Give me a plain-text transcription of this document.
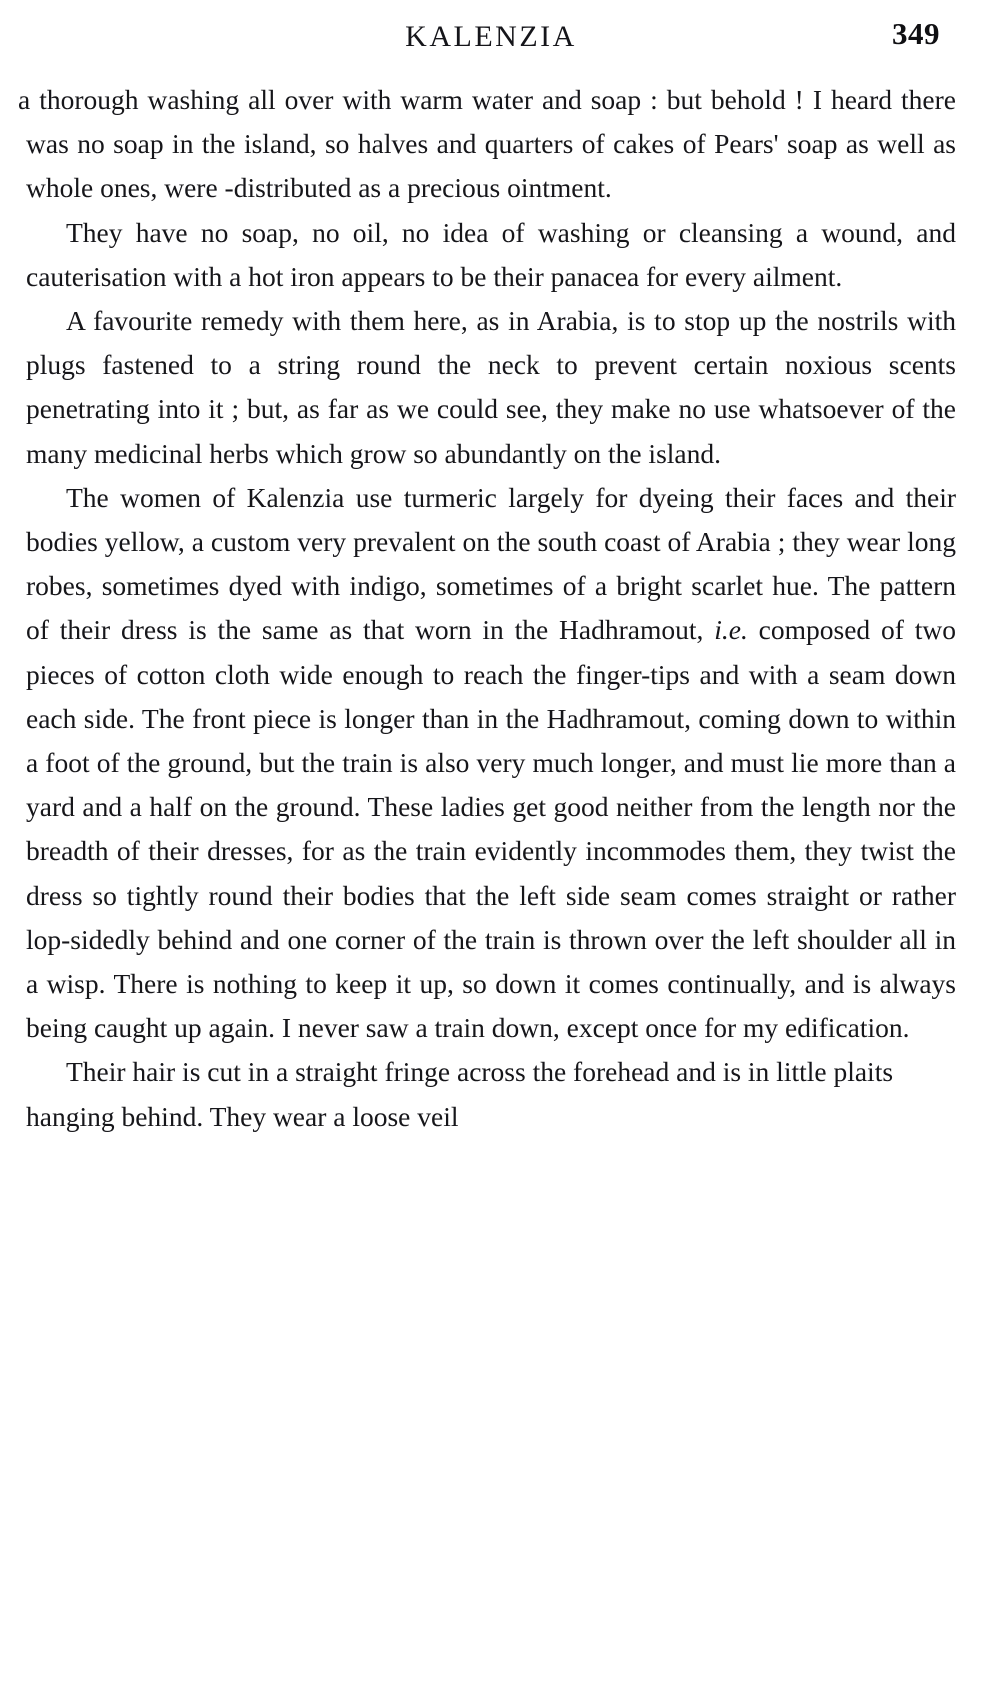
KALENZIA	349

a thorough washing all over with warm water and soap : but behold ! I heard there was no soap in the island, so halves and quarters of cakes of Pears' soap as well as whole ones, were -distributed as a precious ointment.

They have no soap, no oil, no idea of washing or cleansing a wound, and cauterisation with a hot iron appears to be their panacea for every ailment.

A favourite remedy with them here, as in Arabia, is to stop up the nostrils with plugs fastened to a string round the neck to prevent certain noxious scents penetrating into it ; but, as far as we could see, they make no use whatsoever of the many medicinal herbs which grow so abundantly on the island.

The women of Kalenzia use turmeric largely for dyeing their faces and their bodies yellow, a custom very prevalent on the south coast of Arabia ; they wear long robes, sometimes dyed with indigo, sometimes of a bright scarlet hue. The pattern of their dress is the same as that worn in the Hadhramout, i.e. composed of two pieces of cotton cloth wide enough to reach the finger-tips and with a seam down each side. The front piece is longer than in the Hadhramout, coming down to within a foot of the ground, but the train is also very much longer, and must lie more than a yard and a half on the ground. These ladies get good neither from the length nor the breadth of their dresses, for as the train evidently incommodes them, they twist the dress so tightly round their bodies that the left side seam comes straight or rather lop-sidedly behind and one corner of the train is thrown over the left shoulder all in a wisp. There is nothing to keep it up, so down it comes continually, and is always being caught up again. I never saw a train down, except once for my edification.

Their hair is cut in a straight fringe across the forehead and is in little plaits hanging behind. They wear a loose veil
